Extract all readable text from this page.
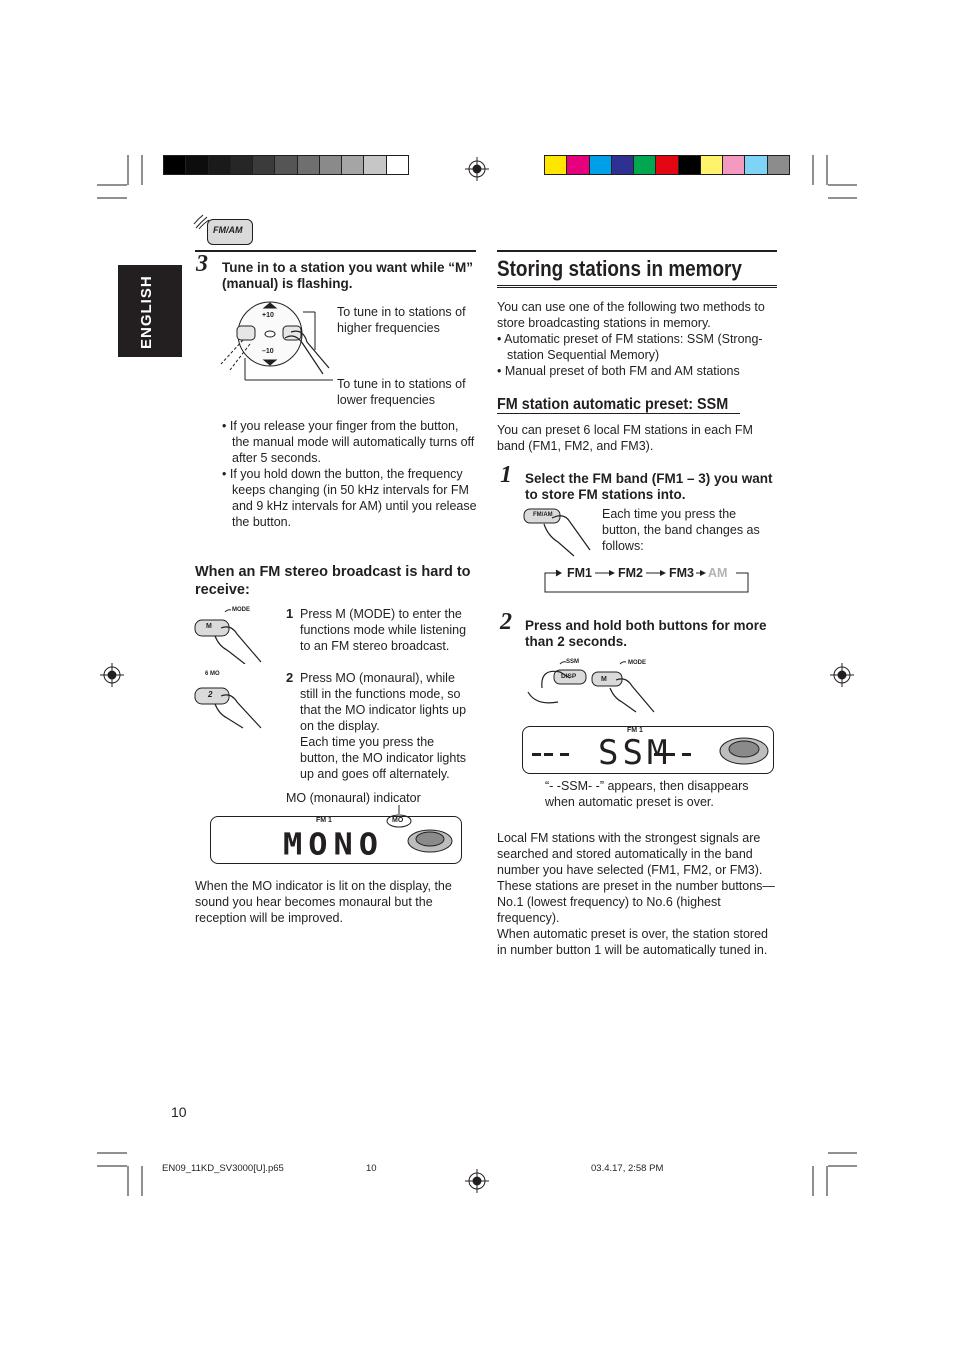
ENGLISH
FM/AM
3 Tune in to a station you want while “M” (manual) is flashing.
+10
–10
To tune in to stations of higher frequencies
To tune in to stations of lower frequencies

• If you release your finger from the button, the manual mode will automatically turns off after 5 seconds.

• If you hold down the button, the frequency keeps changing (in 50 kHz intervals for FM and 9 kHz intervals for AM) until you release the button.

When an FM stereo broadcast is hard to receive:
MODE
M
6 MO
2
1 Press M (MODE) to enter the functions mode while listening to an FM stereo broadcast.
2 Press MO (monaural), while still in the functions mode, so that the MO indicator lights up on the display.
Each time you press the button, the MO indicator lights up and goes off alternately.
MO (monaural) indicator
FM 1	MO
MONO
When the MO indicator is lit on the display, the sound you hear becomes monaural but the reception will be improved.
Storing stations in memory
You can use one of the following two methods to store broadcasting stations in memory.

• Automatic preset of FM stations: SSM (Strong-station Sequential Memory)

• Manual preset of both FM and AM stations

FM station automatic preset: SSM
You can preset 6 local FM stations in each FM band (FM1, FM2, and FM3).
1 Select the FM band (FM1 – 3) you want to store FM stations into.
FM/AM	Each time you press the button, the band changes as follows:
FM1 FM2 FM3 AM
2 Press and hold both buttons for more than 2 seconds.
SSM
DISP
MODE
M
FM 1
SSM
“- -SSM- -” appears, then disappears when automatic preset is over.
Local FM stations with the strongest signals are searched and stored automatically in the band number you have selected (FM1, FM2, or FM3). These stations are preset in the number buttons—No.1 (lowest frequency) to No.6 (highest frequency).
When automatic preset is over, the station stored in number button 1 will be automatically tuned in.
10
EN09_11KD_SV3000[U].p65	10	03.4.17, 2:58 PM
